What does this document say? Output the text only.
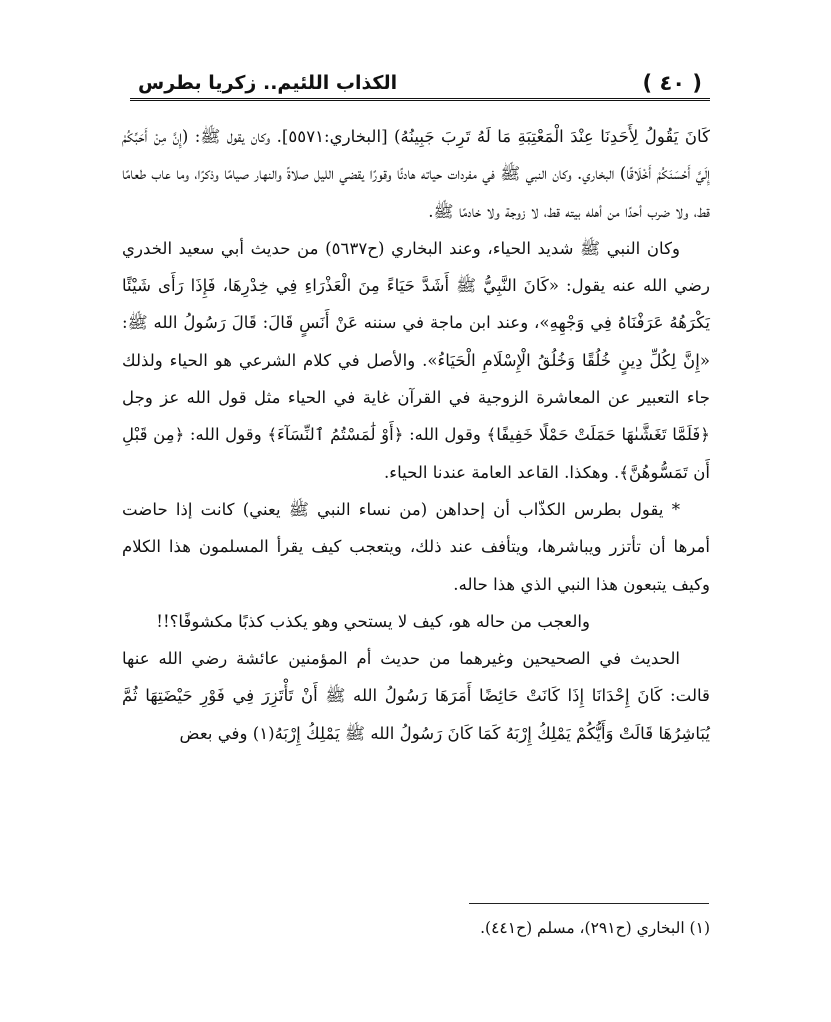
( ٤٠ )
الكذاب اللئيم.. زكريا بطرس

كَانَ يَقُولُ لِأَحَدِنَا عِنْدَ الْمَعْتِبَةِ مَا لَهُ تَرِبَ جَبِينُهُ) [البخاري:٥٥٧١]. وكان يقول ﷺ: (إِنَّ مِنْ أَحَبِّكُمْ إِلَيَّ أَحْسَنَكُمْ أَخْلَاقًا) البخاري. وكان النبي ﷺ في مفردات حياته هادئًا وقورًا يقضي الليل صلاةً والنهار صيامًا وذكرًا، وما عاب طعامًا قط، ولا ضرب أحدًا من أهله بيته قط، لا زوجة ولا خادمًا ﷺ.

وكان النبي ﷺ شديد الحياء، وعند البخاري (ح٥٦٣٧) من حديث أبي سعيد الخدري رضي الله عنه يقول: «كَانَ النَّبِيُّ ﷺ أَشَدَّ حَيَاءً مِنَ الْعَذْرَاءِ فِي خِدْرِهَا، فَإِذَا رَأَى شَيْئًا يَكْرَهُهُ عَرَفْنَاهُ فِي وَجْهِهِ»، وعند ابن ماجة في سننه عَنْ أَنَسٍ قَالَ: قَالَ رَسُولُ الله ﷺ: «إِنَّ لِكُلِّ دِينٍ خُلُقًا وَخُلُقُ الْإِسْلَامِ الْحَيَاءُ». والأصل في كلام الشرعي هو الحياء ولذلك جاء التعبير عن المعاشرة الزوجية في القرآن غاية في الحياء مثل قول الله عز وجل ﴿فَلَمَّا تَغَشَّىٰهَا حَمَلَتْ حَمْلًا خَفِيفًا﴾ وقول الله: ﴿أَوْ لَٰمَسْتُمُ ٱلنِّسَآءَ﴾ وقول الله: ﴿مِن قَبْلِ أَن تَمَسُّوهُنَّ﴾. وهكذا. القاعد العامة عندنا الحياء.

* يقول بطرس الكذّاب أن إحداهن (من نساء النبي ﷺ يعني) كانت إذا حاضت أمرها أن تأتزر ويباشرها، ويتأفف عند ذلك، ويتعجب كيف يقرأ المسلمون هذا الكلام وكيف يتبعون هذا النبي الذي هذا حاله.

والعجب من حاله هو، كيف لا يستحي وهو يكذب كذبًا مكشوفًا؟!!

الحديث في الصحيحين وغيرهما من حديث أم المؤمنين عائشة رضي الله عنها قالت: كَانَ إِحْدَانَا إِذَا كَانَتْ حَائِضًا أَمَرَهَا رَسُولُ الله ﷺ أَنْ تَأْتَزِرَ فِي فَوْرِ حَيْضَتِهَا ثُمَّ يُبَاشِرُهَا قَالَتْ وَأَيُّكُمْ يَمْلِكُ إِرْبَهُ كَمَا كَانَ رَسُولُ الله ﷺ يَمْلِكُ إِرْبَهُ(١) وفي بعض

(١) البخاري (ح٢٩١)، مسلم (ح٤٤١).
